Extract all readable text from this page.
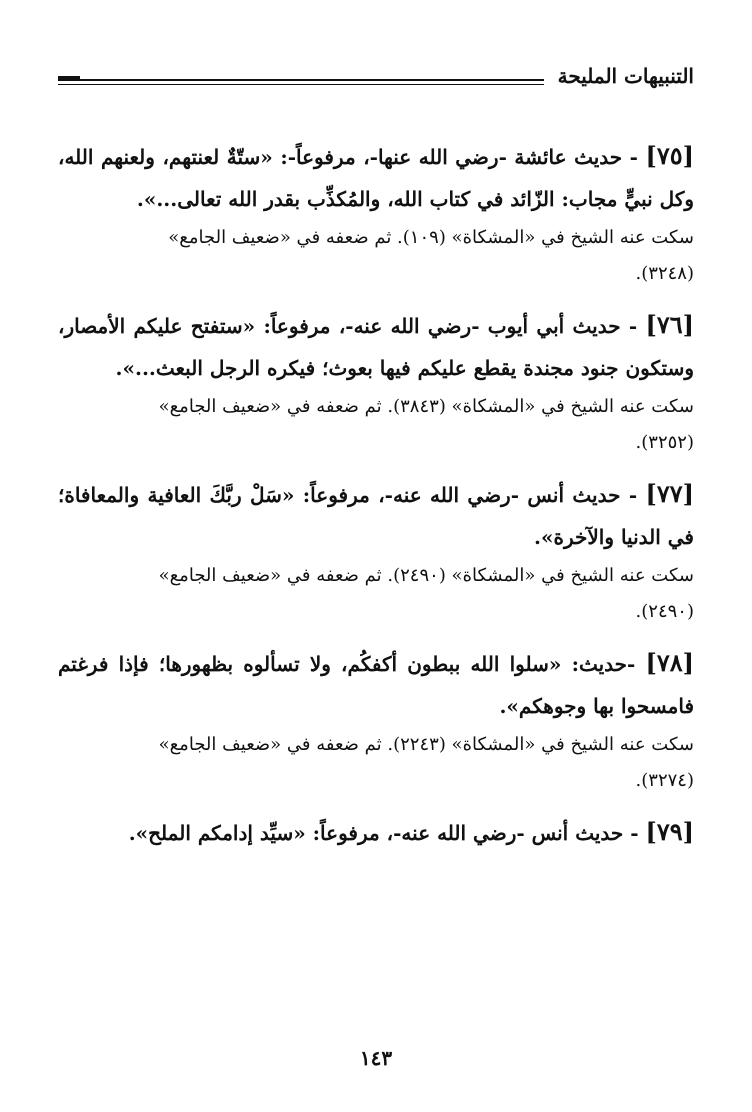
التنبيهات المليحة

[٧٥] - حديث عائشة -رضي الله عنها-، مرفوعاً-: «ستّةٌ لعنتهم، ولعنهم الله، وكل نبيٍّ مجاب: الزّائد في كتاب الله، والمُكذِّب بقدر الله تعالى...».

سكت عنه الشيخ في «المشكاة» (١٠٩). ثم ضعفه في «ضعيف الجامع»
(٣٢٤٨).

[٧٦] - حديث أبي أيوب -رضي الله عنه-، مرفوعاً: «ستفتح عليكم الأمصار، وستكون جنود مجندة يقطع عليكم فيها بعوث؛ فيكره الرجل البعث...».

سكت عنه الشيخ في «المشكاة» (٣٨٤٣). ثم ضعفه في «ضعيف الجامع»
(٣٢٥٢).

[٧٧] - حديث أنس -رضي الله عنه-، مرفوعاً: «سَلْ ربَّكَ العافية والمعافاة؛ في الدنيا والآخرة».

سكت عنه الشيخ في «المشكاة» (٢٤٩٠). ثم ضعفه في «ضعيف الجامع»
(٢٤٩٠).

[٧٨] -حديث: «سلوا الله ببطون أكفكُم، ولا تسألوه بظهورها؛ فإذا فرغتم فامسحوا بها وجوهكم».

سكت عنه الشيخ في «المشكاة» (٢٢٤٣). ثم ضعفه في «ضعيف الجامع»
(٣٢٧٤).

[٧٩] - حديث أنس -رضي الله عنه-، مرفوعاً: «سيِّد إدامكم الملح».

١٤٣
